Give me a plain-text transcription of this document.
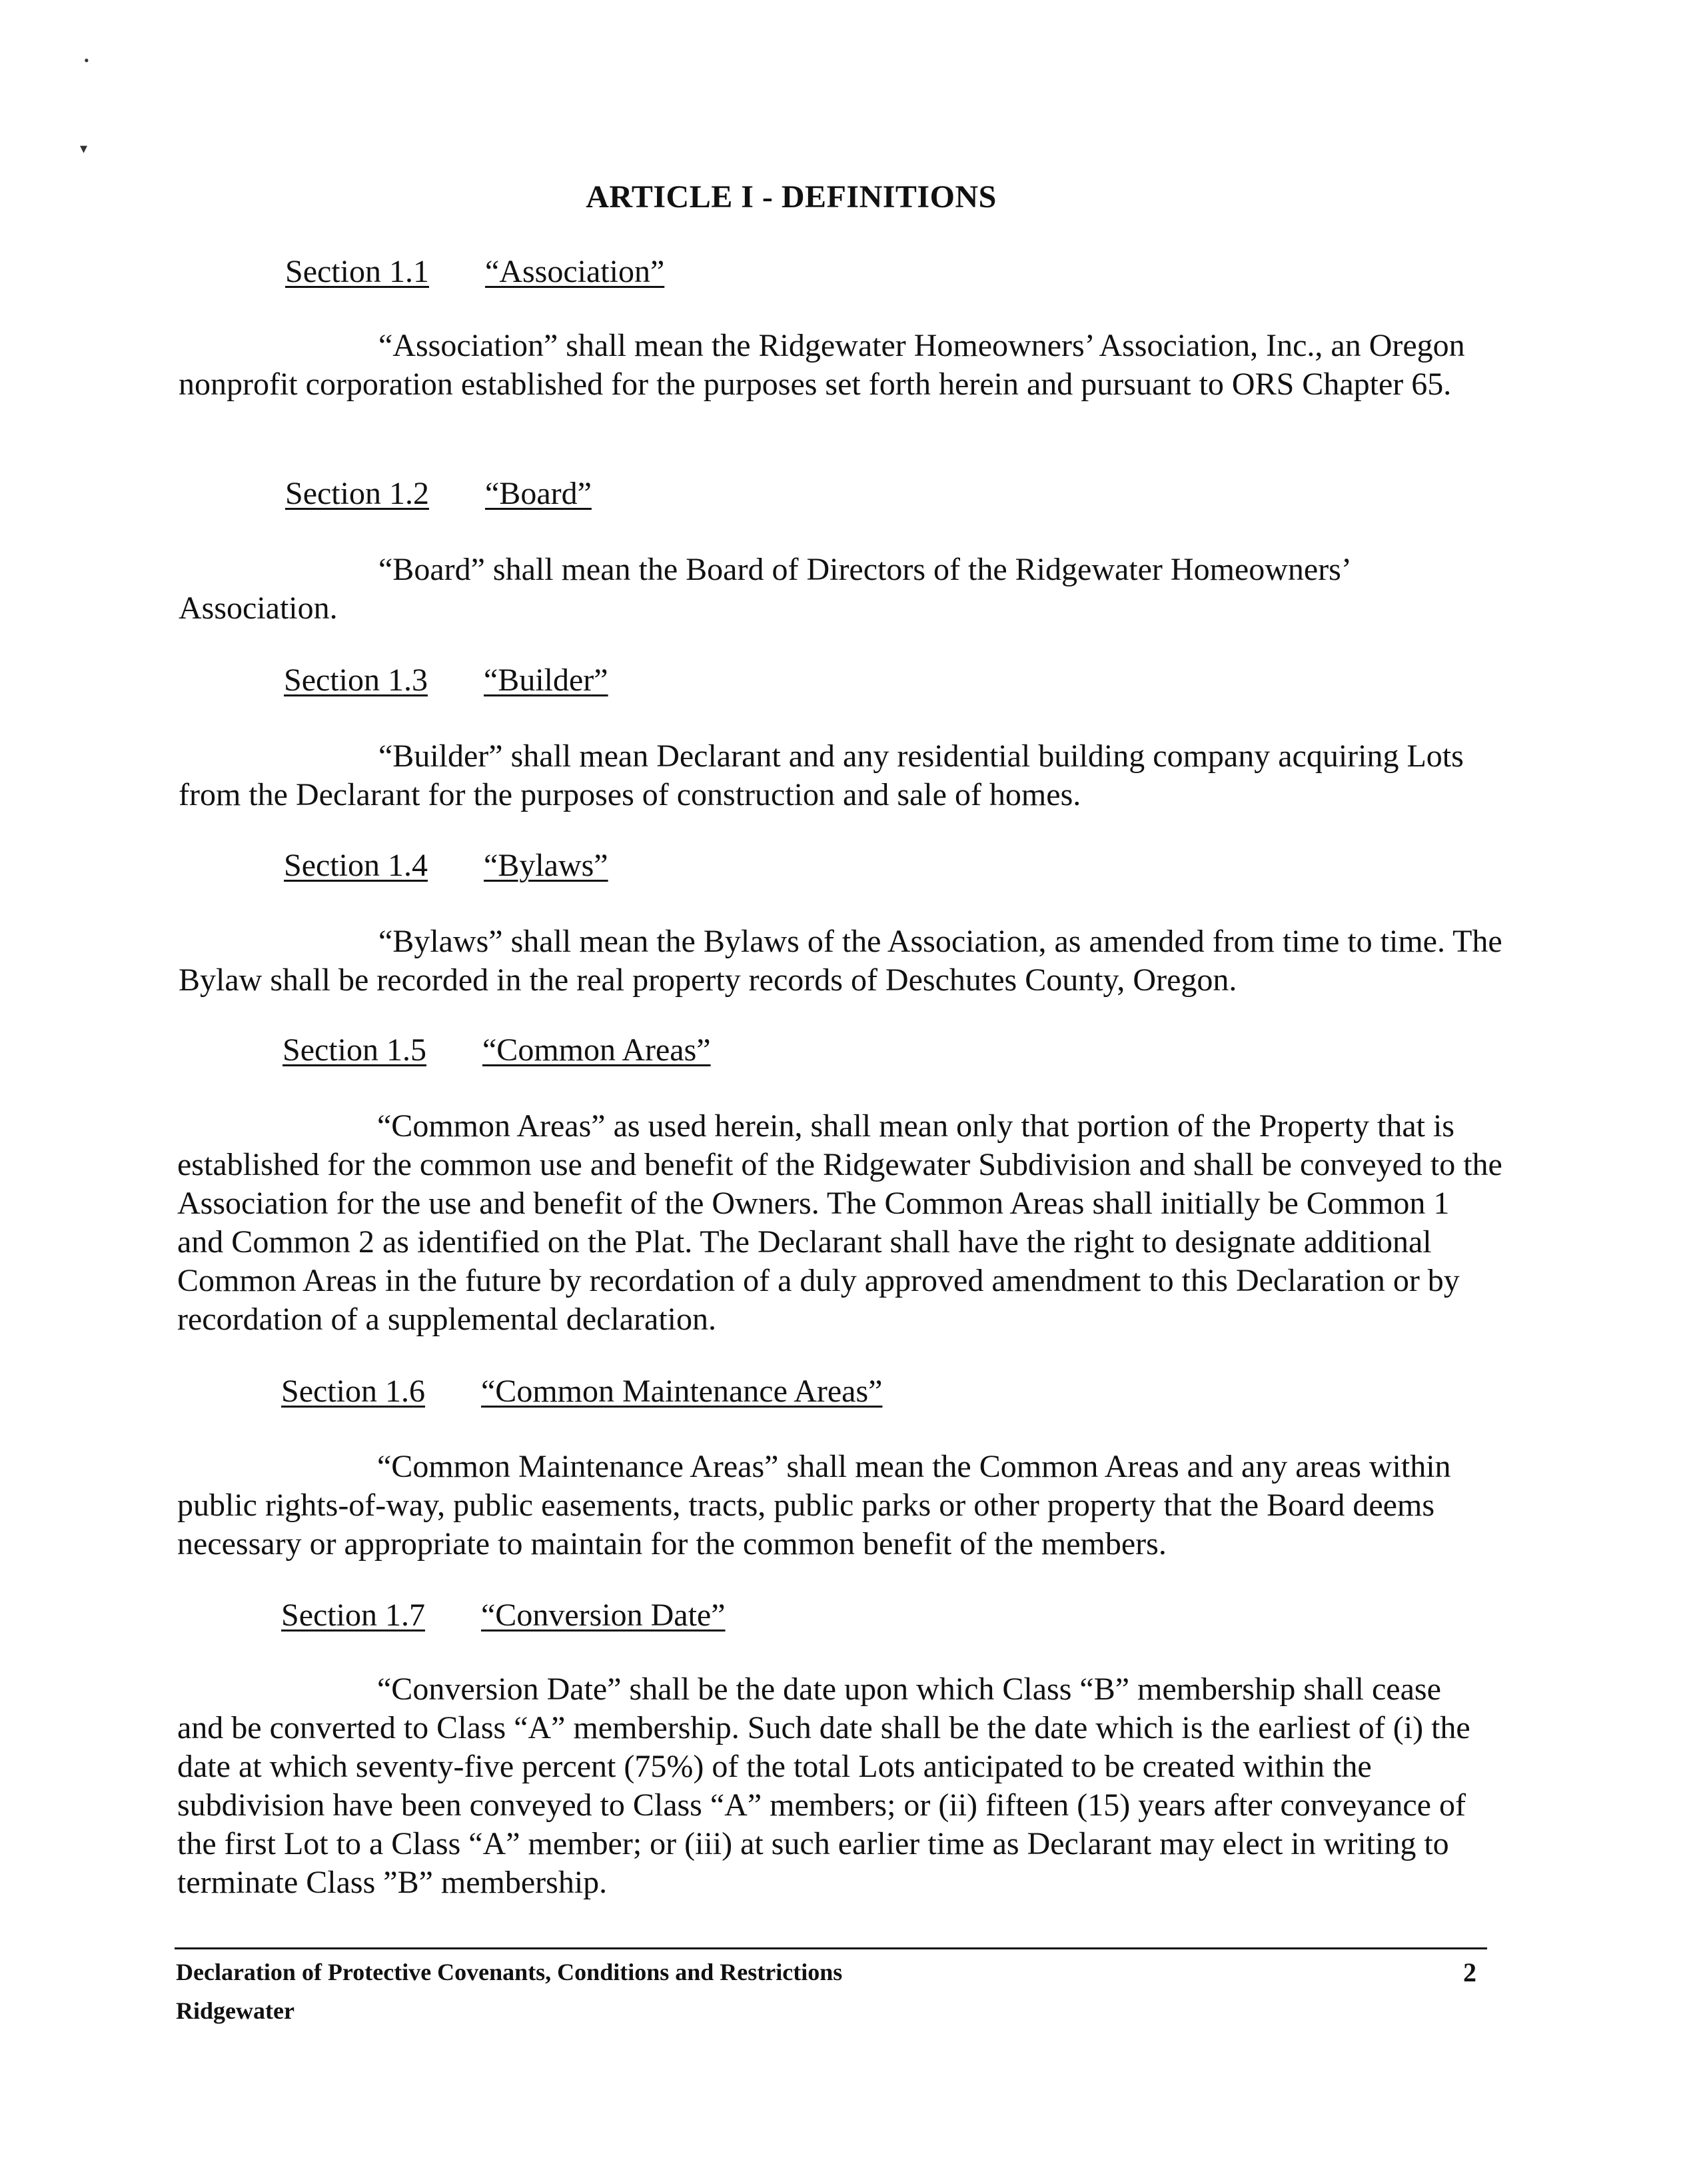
•
▾
ARTICLE I - DEFINITIONS
Section 1.1 “Association”

“Association” shall mean the Ridgewater Homeowners’ Association, Inc., an Oregon nonprofit corporation established for the purposes set forth herein and pursuant to ORS Chapter 65.

Section 1.2 “Board”

“Board” shall mean the Board of Directors of the Ridgewater Homeowners’ Association.

Section 1.3 “Builder”

“Builder” shall mean Declarant and any residential building company acquiring Lots from the Declarant for the purposes of construction and sale of homes.

Section 1.4 “Bylaws”

“Bylaws” shall mean the Bylaws of the Association, as amended from time to time. The Bylaw shall be recorded in the real property records of Deschutes County, Oregon.

Section 1.5 “Common Areas”

“Common Areas” as used herein, shall mean only that portion of the Property that is established for the common use and benefit of the Ridgewater Subdivision and shall be conveyed to the Association for the use and benefit of the Owners. The Common Areas shall initially be Common 1 and Common 2 as identified on the Plat. The Declarant shall have the right to designate additional Common Areas in the future by recordation of a duly approved amendment to this Declaration or by recordation of a supplemental declaration.

Section 1.6 “Common Maintenance Areas”

“Common Maintenance Areas” shall mean the Common Areas and any areas within public rights-of-way, public easements, tracts, public parks or other property that the Board deems necessary or appropriate to maintain for the common benefit of the members.

Section 1.7 “Conversion Date”

“Conversion Date” shall be the date upon which Class “B” membership shall cease and be converted to Class “A” membership. Such date shall be the date which is the earliest of (i) the date at which seventy-five percent (75%) of the total Lots anticipated to be created within the subdivision have been conveyed to Class “A” members; or (ii) fifteen (15) years after conveyance of the first Lot to a Class “A” member; or (iii) at such earlier time as Declarant may elect in writing to terminate Class ”B” membership.

Declaration of Protective Covenants, Conditions and Restrictions
Ridgewater
2
